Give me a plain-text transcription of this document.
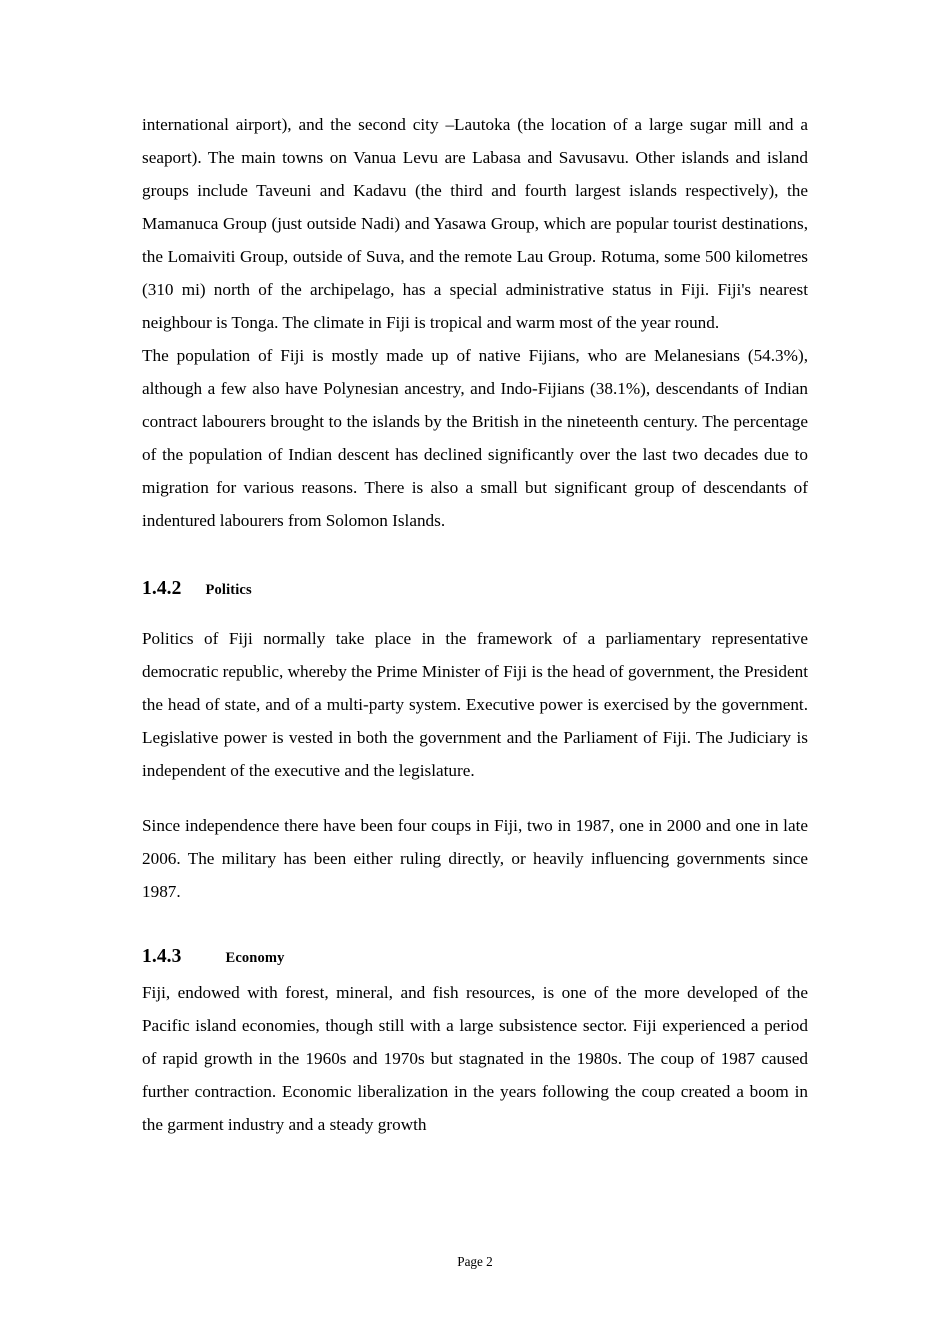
international airport), and the second city –Lautoka (the location of a large sugar mill and a seaport). The main towns on Vanua Levu are Labasa and Savusavu. Other islands and island groups include Taveuni and Kadavu (the third and fourth largest islands respectively), the Mamanuca Group (just outside Nadi) and Yasawa Group, which are popular tourist destinations, the Lomaiviti Group, outside of Suva, and the remote Lau Group. Rotuma, some 500 kilometres (310 mi) north of the archipelago, has a special administrative status in Fiji. Fiji's nearest neighbour is Tonga. The climate in Fiji is tropical and warm most of the year round.

The population of Fiji is mostly made up of native Fijians, who are Melanesians (54.3%), although a few also have Polynesian ancestry, and Indo-Fijians (38.1%), descendants of Indian contract labourers brought to the islands by the British in the nineteenth century. The percentage of the population of Indian descent has declined significantly over the last two decades due to migration for various reasons. There is also a small but significant group of descendants of indentured labourers from Solomon Islands.

1.4.2 Politics

Politics of Fiji normally take place in the framework of a parliamentary representative democratic republic, whereby the Prime Minister of Fiji is the head of government, the President the head of state, and of a multi-party system. Executive power is exercised by the government. Legislative power is vested in both the government and the Parliament of Fiji. The Judiciary is independent of the executive and the legislature.

Since independence there have been four coups in Fiji, two in 1987, one in 2000 and one in late 2006. The military has been either ruling directly, or heavily influencing governments since 1987.

1.4.3	Economy

Fiji, endowed with forest, mineral, and fish resources, is one of the more developed of the Pacific island economies, though still with a large subsistence sector. Fiji experienced a period of rapid growth in the 1960s and 1970s but stagnated in the 1980s. The coup of 1987 caused further contraction. Economic liberalization in the years following the coup created a boom in the garment industry and a steady growth

Page 2
